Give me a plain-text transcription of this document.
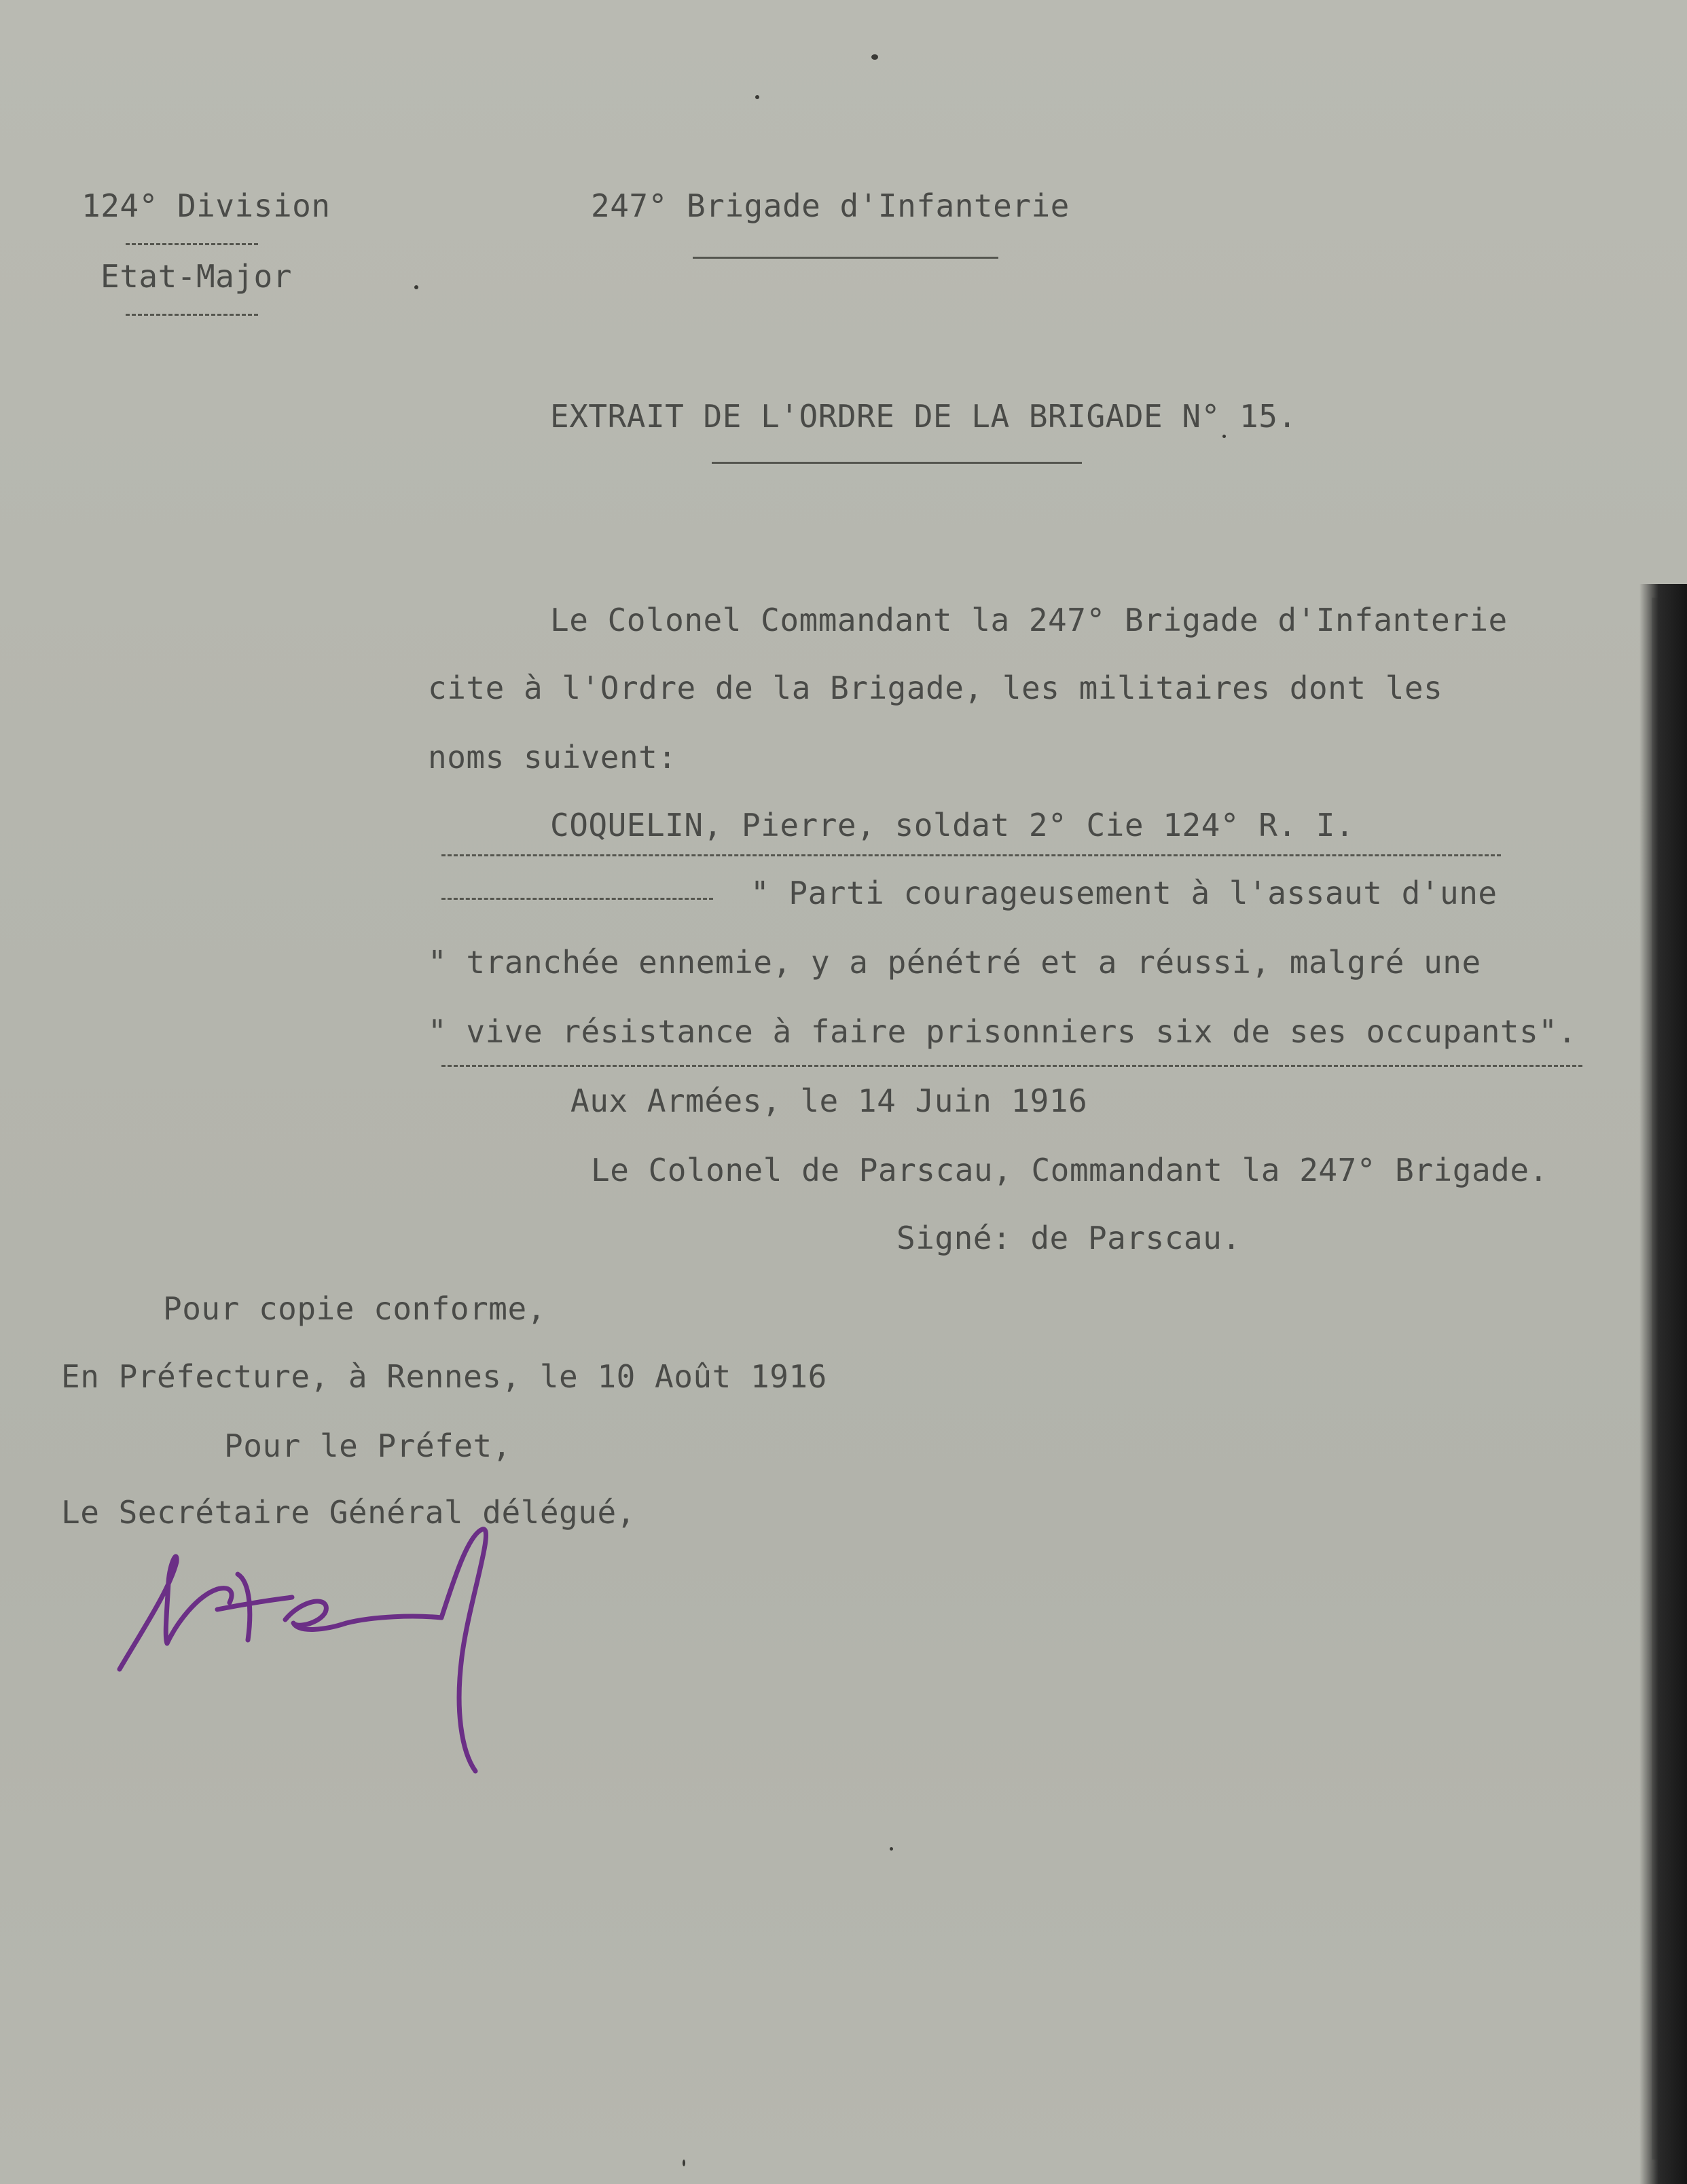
124° Division
Etat-Major
247° Brigade d'Infanterie
EXTRAIT DE L'ORDRE DE LA BRIGADE N° 15.
Le Colonel Commandant la 247° Brigade d'Infanterie
cite à l'Ordre de la Brigade, les militaires dont les
noms suivent:
COQUELIN, Pierre, soldat 2° Cie 124° R. I.
" Parti courageusement à l'assaut d'une
" tranchée ennemie, y a pénétré et a réussi, malgré une
" vive résistance à faire prisonniers six de ses occupants".
Aux Armées, le 14 Juin 1916
Le Colonel de Parscau, Commandant la 247° Brigade.
Signé: de Parscau.
Pour copie conforme,
En Préfecture, à Rennes, le 10 Août 1916
Pour le Préfet,
Le Secrétaire Général délégué,
